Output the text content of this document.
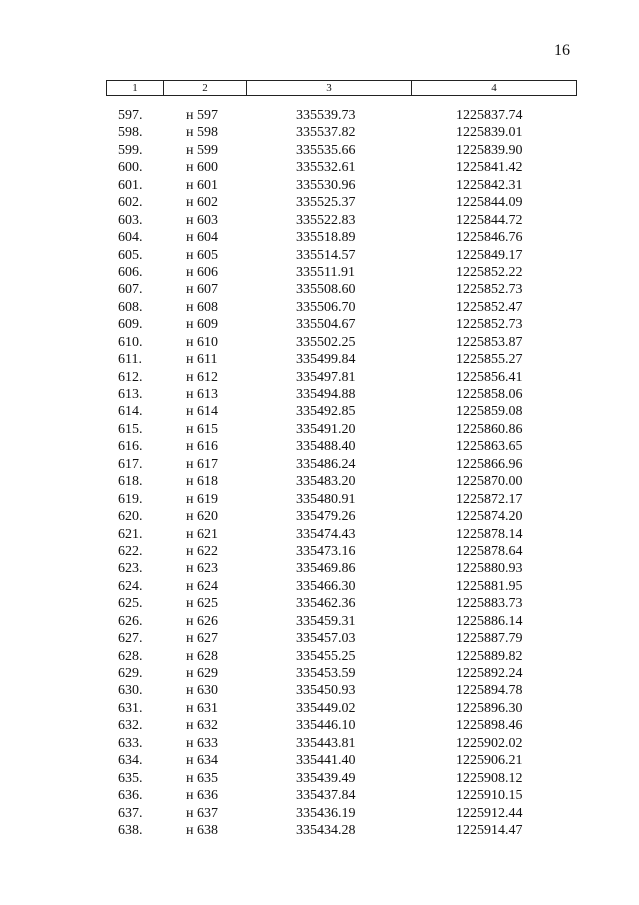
16
1	2	3	4
597.	н 597	335539.73	1225837.74
598.	н 598	335537.82	1225839.01
599.	н 599	335535.66	1225839.90
600.	н 600	335532.61	1225841.42
601.	н 601	335530.96	1225842.31
602.	н 602	335525.37	1225844.09
603.	н 603	335522.83	1225844.72
604.	н 604	335518.89	1225846.76
605.	н 605	335514.57	1225849.17
606.	н 606	335511.91	1225852.22
607.	н 607	335508.60	1225852.73
608.	н 608	335506.70	1225852.47
609.	н 609	335504.67	1225852.73
610.	н 610	335502.25	1225853.87
611.	н 611	335499.84	1225855.27
612.	н 612	335497.81	1225856.41
613.	н 613	335494.88	1225858.06
614.	н 614	335492.85	1225859.08
615.	н 615	335491.20	1225860.86
616.	н 616	335488.40	1225863.65
617.	н 617	335486.24	1225866.96
618.	н 618	335483.20	1225870.00
619.	н 619	335480.91	1225872.17
620.	н 620	335479.26	1225874.20
621.	н 621	335474.43	1225878.14
622.	н 622	335473.16	1225878.64
623.	н 623	335469.86	1225880.93
624.	н 624	335466.30	1225881.95
625.	н 625	335462.36	1225883.73
626.	н 626	335459.31	1225886.14
627.	н 627	335457.03	1225887.79
628.	н 628	335455.25	1225889.82
629.	н 629	335453.59	1225892.24
630.	н 630	335450.93	1225894.78
631.	н 631	335449.02	1225896.30
632.	н 632	335446.10	1225898.46
633.	н 633	335443.81	1225902.02
634.	н 634	335441.40	1225906.21
635.	н 635	335439.49	1225908.12
636.	н 636	335437.84	1225910.15
637.	н 637	335436.19	1225912.44
638.	н 638	335434.28	1225914.47
